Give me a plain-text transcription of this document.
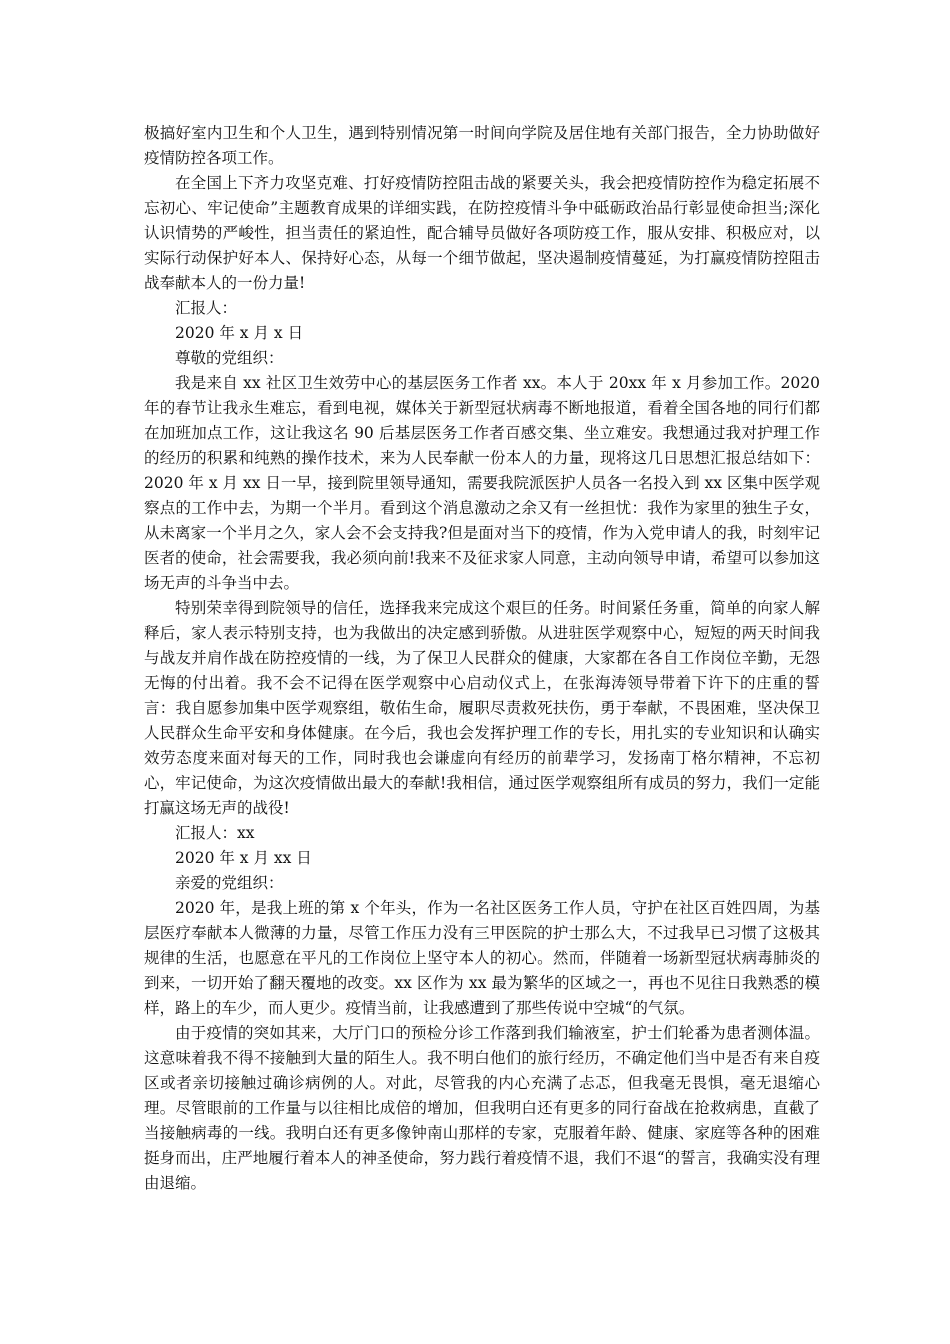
极搞好室内卫生和个人卫生，遇到特别情况第一时间向学院及居住地有关部门报告，全力协助做好疫情防控各项工作。

在全国上下齐力攻坚克难、打好疫情防控阻击战的紧要关头，我会把疫情防控作为稳定拓展不忘初心、牢记使命”主题教育成果的详细实践，在防控疫情斗争中砥砺政治品行彰显使命担当;深化认识情势的严峻性，担当责任的紧迫性，配合辅导员做好各项防疫工作，服从安排、积极应对，以实际行动保护好本人、保持好心态，从每一个细节做起，坚决遏制疫情蔓延，为打赢疫情防控阻击战奉献本人的一份力量!

汇报人：

2020 年 x 月 x 日

尊敬的党组织：

我是来自 xx 社区卫生效劳中心的基层医务工作者 xx。本人于 20xx 年 x 月参加工作。2020 年的春节让我永生难忘，看到电视，媒体关于新型冠状病毒不断地报道，看着全国各地的同行们都在加班加点工作，这让我这名 90 后基层医务工作者百感交集、坐立难安。我想通过我对护理工作的经历的积累和纯熟的操作技术，来为人民奉献一份本人的力量，现将这几日思想汇报总结如下：2020 年 x 月 xx 日一早，接到院里领导通知，需要我院派医护人员各一名投入到 xx 区集中医学观察点的工作中去，为期一个半月。看到这个消息激动之余又有一丝担忧：我作为家里的独生子女，从未离家一个半月之久，家人会不会支持我?但是面对当下的疫情，作为入党申请人的我，时刻牢记医者的使命，社会需要我，我必须向前!我来不及征求家人同意，主动向领导申请，希望可以参加这场无声的斗争当中去。

特别荣幸得到院领导的信任，选择我来完成这个艰巨的任务。时间紧任务重，简单的向家人解释后，家人表示特别支持，也为我做出的决定感到骄傲。从进驻医学观察中心，短短的两天时间我与战友并肩作战在防控疫情的一线，为了保卫人民群众的健康，大家都在各自工作岗位辛勤，无怨无悔的付出着。我不会不记得在医学观察中心启动仪式上，在张海涛领导带着下许下的庄重的誓言：我自愿参加集中医学观察组，敬佑生命，履职尽责救死扶伤，勇于奉献，不畏困难，坚决保卫人民群众生命平安和身体健康。在今后，我也会发挥护理工作的专长，用扎实的专业知识和认确实效劳态度来面对每天的工作，同时我也会谦虚向有经历的前辈学习，发扬南丁格尔精神，不忘初心，牢记使命，为这次疫情做出最大的奉献!我相信，通过医学观察组所有成员的努力，我们一定能打赢这场无声的战役!

汇报人：xx

2020 年 x 月 xx 日

亲爱的党组织：

2020 年，是我上班的第 x 个年头，作为一名社区医务工作人员，守护在社区百姓四周，为基层医疗奉献本人微薄的力量，尽管工作压力没有三甲医院的护士那么大，不过我早已习惯了这极其规律的生活，也愿意在平凡的工作岗位上坚守本人的初心。然而，伴随着一场新型冠状病毒肺炎的到来，一切开始了翻天覆地的改变。xx 区作为 xx 最为繁华的区域之一，再也不见往日我熟悉的模样，路上的车少，而人更少。疫情当前，让我感遭到了那些传说中空城“的气氛。

由于疫情的突如其来，大厅门口的预检分诊工作落到我们输液室，护士们轮番为患者测体温。这意味着我不得不接触到大量的陌生人。我不明白他们的旅行经历，不确定他们当中是否有来自疫区或者亲切接触过确诊病例的人。对此，尽管我的内心充满了忐忑，但我毫无畏惧，毫无退缩心理。尽管眼前的工作量与以往相比成倍的增加，但我明白还有更多的同行奋战在抢救病患，直截了当接触病毒的一线。我明白还有更多像钟南山那样的专家，克服着年龄、健康、家庭等各种的困难挺身而出，庄严地履行着本人的神圣使命，努力践行着疫情不退，我们不退“的誓言，我确实没有理由退缩。
